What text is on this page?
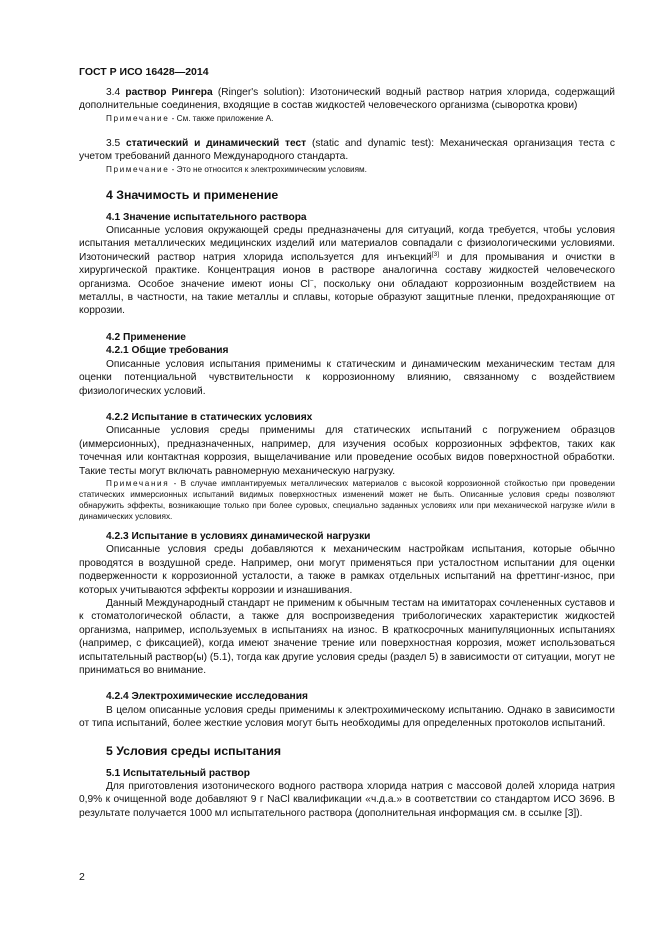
ГОСТ Р ИСО 16428—2014

3.4 раствор Рингера (Ringer's solution): Изотонический водный раствор натрия хлорида, содержащий дополнительные соединения, входящие в состав жидкостей человеческого организма (сыворотка крови)

Примечание - См. также приложение А.

3.5 статический и динамический тест (static and dynamic test): Механическая организация теста с учетом требований данного Международного стандарта.

Примечание - Это не относится к электрохимическим условиям.

4 Значимость и применение
4.1 Значение испытательного раствора

Описанные условия окружающей среды предназначены для ситуаций, когда требуется, чтобы условия испытания металлических медицинских изделий или материалов совпадали с физиологическими условиями. Изотонический раствор натрия хлорида используется для инъекций[3] и для промывания и очистки в хирургической практике. Концентрация ионов в растворе аналогична составу жидкостей человеческого организма. Особое значение имеют ионы Cl−, поскольку они обладают коррозионным воздействием на металлы, в частности, на такие металлы и сплавы, которые образуют защитные пленки, предохраняющие от коррозии.

4.2 Применение
4.2.1 Общие требования

Описанные условия испытания применимы к статическим и динамическим механическим тестам для оценки потенциальной чувствительности к коррозионному влиянию, связанному с воздействием физиологических условий.

4.2.2 Испытание в статических условиях

Описанные условия среды применимы для статических испытаний с погружением образцов (иммерсионных), предназначенных, например, для изучения особых коррозионных эффектов, таких как точечная или контактная коррозия, выщелачивание или проведение особых видов поверхностной обработки. Такие тесты могут включать равномерную механическую нагрузку.

Примечания - В случае имплантируемых металлических материалов с высокой коррозионной стойкостью при проведении статических иммерсионных испытаний видимых поверхностных изменений может не быть. Описанные условия среды позволяют обнаружить эффекты, возникающие только при более суровых, специально заданных условиях или при механической нагрузке и/или в динамических условиях.

4.2.3 Испытание в условиях динамической нагрузки

Описанные условия среды добавляются к механическим настройкам испытания, которые обычно проводятся в воздушной среде. Например, они могут применяться при усталостном испытании для оценки подверженности к коррозионной усталости, а также в рамках отдельных испытаний на фреттинг-износ, при которых учитываются эффекты коррозии и изнашивания.

Данный Международный стандарт не применим к обычным тестам на имитаторах сочлененных суставов и к стоматологической области, а также для воспроизведения трибологических характеристик жидкостей организма, например, используемых в испытаниях на износ. В краткосрочных манипуляционных испытаниях (например, с фиксацией), когда имеют значение трение или поверхностная коррозия, может использоваться испытательный раствор(ы) (5.1), тогда как другие условия среды (раздел 5) в зависимости от ситуации, могут не приниматься во внимание.

4.2.4 Электрохимические исследования

В целом описанные условия среды применимы к электрохимическому испытанию. Однако в зависимости от типа испытаний, более жесткие условия могут быть необходимы для определенных протоколов испытаний.

5 Условия среды испытания
5.1 Испытательный раствор

Для приготовления изотонического водного раствора хлорида натрия с массовой долей хлорида натрия 0,9% к очищенной воде добавляют 9 г NaCl квалификации «ч.д.а.» в соответствии со стандартом ИСО 3696. В результате получается 1000 мл испытательного раствора (дополнительная информация см. в ссылке [3]).

2
